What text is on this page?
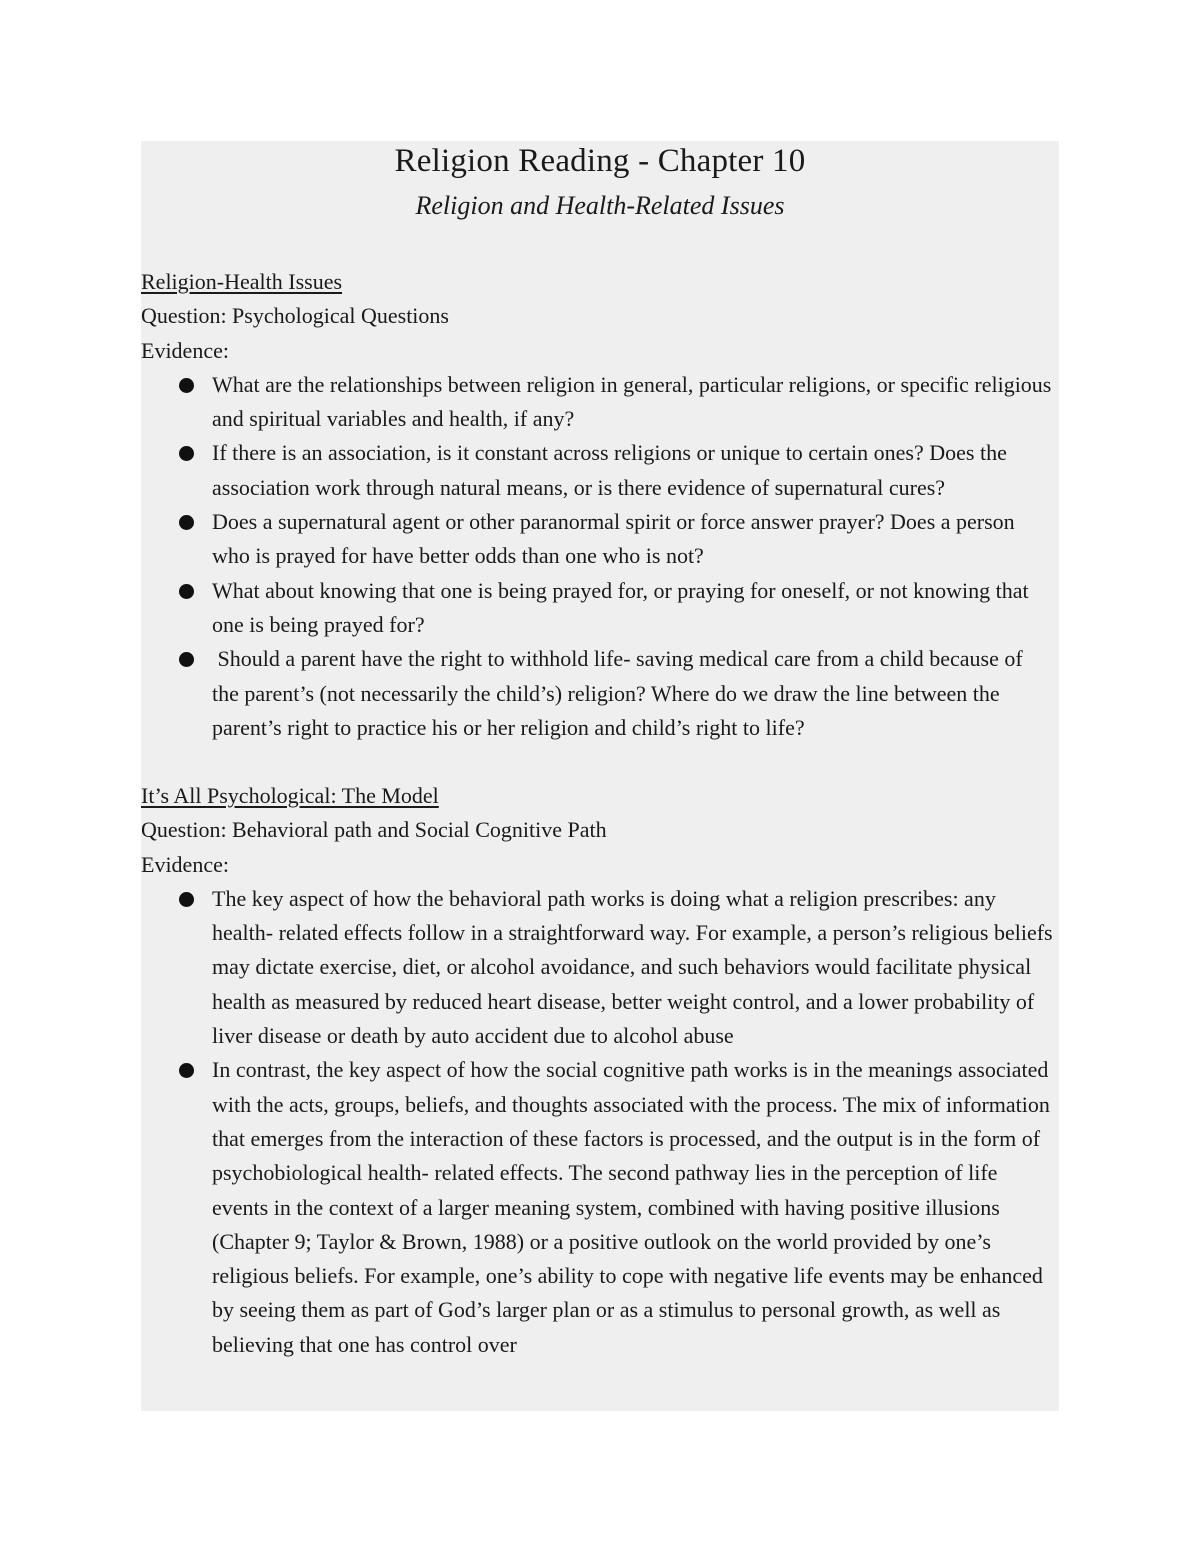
Religion Reading - Chapter 10
Religion and Health-Related Issues

Religion-Health Issues

Question: Psychological Questions

Evidence:

What are the relationships between religion in general, particular religions, or specific religious and spiritual variables and health, if any?
If there is an association, is it constant across religions or unique to certain ones? Does the association work through natural means, or is there evidence of supernatural cures?
Does a supernatural agent or other paranormal spirit or force answer prayer? Does a person who is prayed for have better odds than one who is not?
What about knowing that one is being prayed for, or praying for oneself, or not knowing that one is being prayed for?
Should a parent have the right to withhold life- saving medical care from a child because of the parent’s (not necessarily the child’s) religion? Where do we draw the line between the parent’s right to practice his or her religion and child’s right to life?

It’s All Psychological: The Model

Question: Behavioral path and Social Cognitive Path

Evidence:

The key aspect of how the behavioral path works is doing what a religion prescribes: any health- related effects follow in a straightforward way. For example, a person’s religious beliefs may dictate exercise, diet, or alcohol avoidance, and such behaviors would facilitate physical health as measured by reduced heart disease, better weight control, and a lower probability of liver disease or death by auto accident due to alcohol abuse
In contrast, the key aspect of how the social cognitive path works is in the meanings associated with the acts, groups, beliefs, and thoughts associated with the process. The mix of information that emerges from the interaction of these factors is processed, and the output is in the form of psychobiological health- related effects. The second pathway lies in the perception of life events in the context of a larger meaning system, combined with having positive illusions (Chapter 9; Taylor & Brown, 1988) or a positive outlook on the world provided by one’s religious beliefs. For example, one’s ability to cope with negative life events may be enhanced by seeing them as part of God’s larger plan or as a stimulus to personal growth, as well as believing that one has control over
